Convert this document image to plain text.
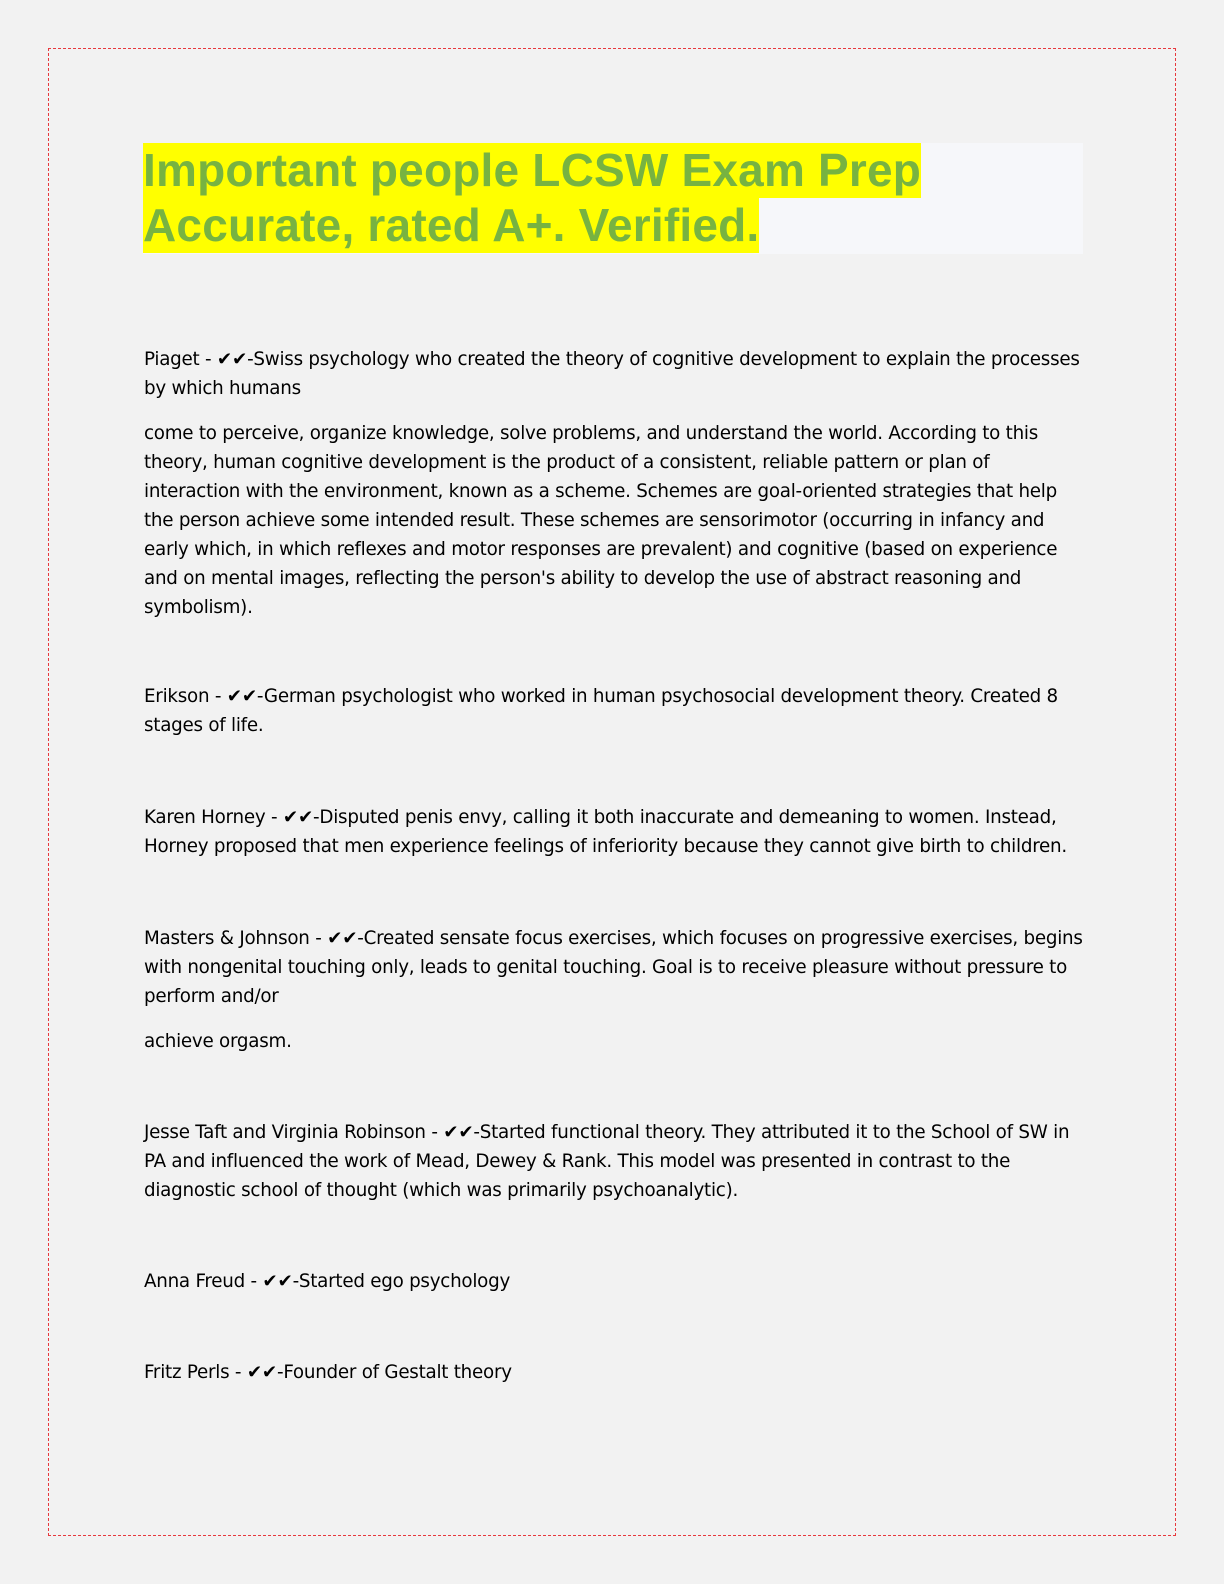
Important people LCSW Exam Prep
Accurate, rated A+. Verified.

Piaget - ✔✔-Swiss psychology who created the theory of cognitive development to explain the processes by which humans

come to perceive, organize knowledge, solve problems, and understand the world. According to this theory, human cognitive development is the product of a consistent, reliable pattern or plan of interaction with the environment, known as a scheme. Schemes are goal-oriented strategies that help the person achieve some intended result. These schemes are sensorimotor (occurring in infancy and early which, in which reflexes and motor responses are prevalent) and cognitive (based on experience and on mental images, reflecting the person's ability to develop the use of abstract reasoning and symbolism).

Erikson - ✔✔-German psychologist who worked in human psychosocial development theory. Created 8 stages of life.

Karen Horney - ✔✔-Disputed penis envy, calling it both inaccurate and demeaning to women. Instead, Horney proposed that men experience feelings of inferiority because they cannot give birth to children.

Masters & Johnson - ✔✔-Created sensate focus exercises, which focuses on progressive exercises, begins with nongenital touching only, leads to genital touching. Goal is to receive pleasure without pressure to perform and/or

achieve orgasm.

Jesse Taft and Virginia Robinson - ✔✔-Started functional theory. They attributed it to the School of SW in PA and influenced the work of Mead, Dewey & Rank. This model was presented in contrast to the diagnostic school of thought (which was primarily psychoanalytic).

Anna Freud - ✔✔-Started ego psychology

Fritz Perls - ✔✔-Founder of Gestalt theory
